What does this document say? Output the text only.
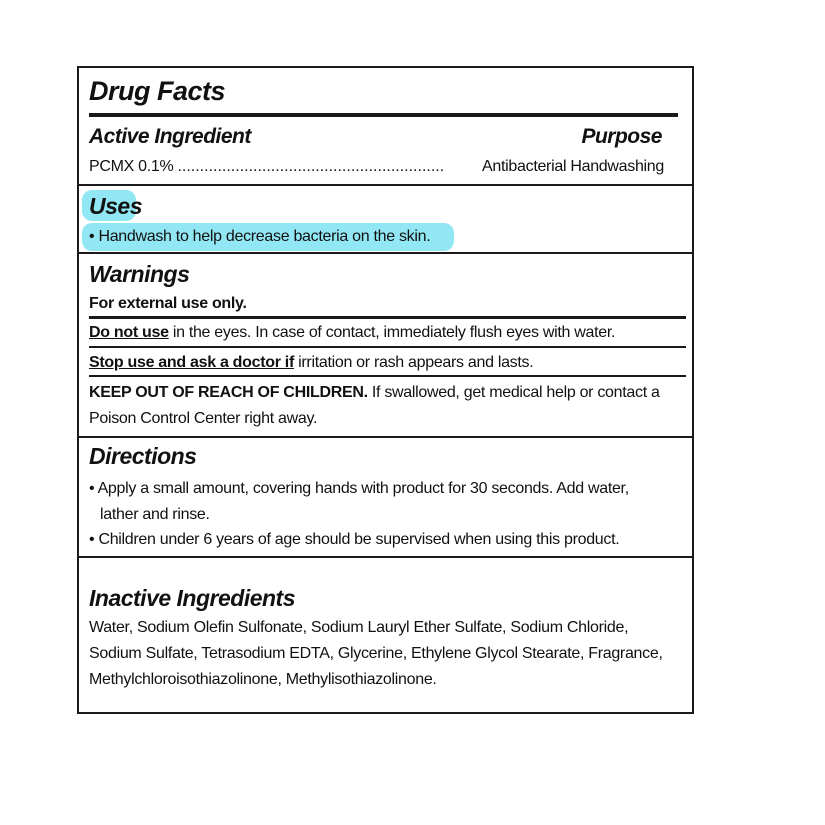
Drug Facts
Active Ingredient	Purpose
PCMX 0.1% ............................................................	Antibacterial Handwashing
Uses
• Handwash to help decrease bacteria on the skin.
Warnings
For external use only.
Do not use in the eyes. In case of contact, immediately flush eyes with water.
Stop use and ask a doctor if irritation or rash appears and lasts.
KEEP OUT OF REACH OF CHILDREN. If swallowed, get medical help or contact a
Poison Control Center right away.
Directions
• Apply a small amount, covering hands with product for 30 seconds. Add water,
lather and rinse.
• Children under 6 years of age should be supervised when using this product.
Inactive Ingredients
Water, Sodium Olefin Sulfonate, Sodium Lauryl Ether Sulfate, Sodium Chloride,
Sodium Sulfate, Tetrasodium EDTA, Glycerine, Ethylene Glycol Stearate, Fragrance,
Methylchloroisothiazolinone, Methylisothiazolinone.
